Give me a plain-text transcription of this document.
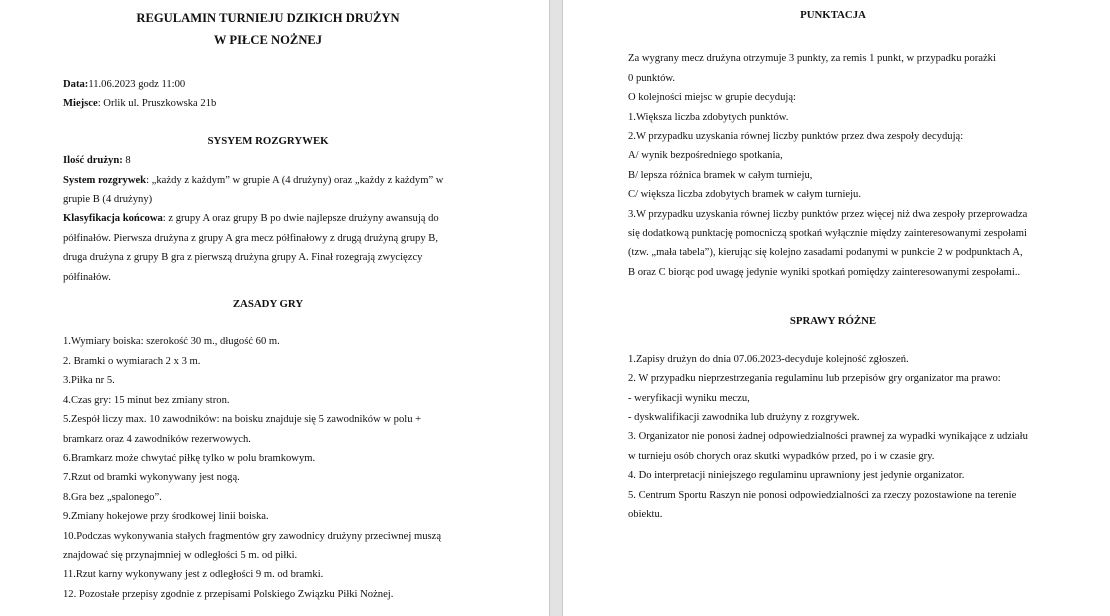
REGULAMIN TURNIEJU DZIKICH DRUŻYN
W PIŁCE NOŻNEJ

Data:11.06.2023 godz 11:00

Miejsce: Orlik ul. Pruszkowska 21b

SYSYEM ROZGRYWEK

Ilość drużyn: 8

System rozgrywek: „każdy z każdym” w grupie A (4 drużyny) oraz „każdy z każdym” w

grupie B (4 drużyny)

Klasyfikacja końcowa: z grupy A oraz grupy B po dwie najlepsze drużyny awansują do

półfinałów. Pierwsza drużyna z grupy A gra mecz półfinałowy z drugą drużyną grupy B,

druga drużyna z grupy B gra z pierwszą drużyna grupy A. Finał rozegrają zwycięzcy

półfinałów.

ZASADY GRY

1.Wymiary boiska: szerokość 30 m., długość 60 m.

2. Bramki o wymiarach 2 x 3 m.

3.Piłka nr 5.

4.Czas gry: 15 minut bez zmiany stron.

5.Zespół liczy max. 10 zawodników: na boisku znajduje się 5 zawodników w polu +

bramkarz oraz 4 zawodników rezerwowych.

6.Bramkarz może chwytać piłkę tylko w polu bramkowym.

7.Rzut od bramki wykonywany jest nogą.

8.Gra bez „spalonego”.

9.Zmiany hokejowe przy środkowej linii boiska.

10.Podczas wykonywania stałych fragmentów gry zawodnicy drużyny przeciwnej muszą

znajdować się przynajmniej w odległości 5 m. od piłki.

11.Rzut karny wykonywany jest z odległości 9 m. od bramki.

12. Pozostałe przepisy zgodnie z przepisami Polskiego Związku Piłki Nożnej.

PUNKTACJA

Za wygrany mecz drużyna otrzymuje 3 punkty, za remis 1 punkt, w przypadku porażki

0 punktów.

O kolejności miejsc w grupie decydują:

1.Większa liczba zdobytych punktów.

2.W przypadku uzyskania równej liczby punktów przez dwa zespoły decydują:

A/ wynik bezpośredniego spotkania,

B/ lepsza różnica bramek w całym turnieju,

C/ większa liczba zdobytych bramek w całym turnieju.

3.W przypadku uzyskania równej liczby punktów przez więcej niż dwa zespoły przeprowadza

się dodatkową punktację pomocniczą spotkań wyłącznie między zainteresowanymi zespołami

(tzw. „mała tabela”), kierując się kolejno zasadami podanymi w punkcie 2 w podpunktach A,

B oraz C biorąc pod uwagę jedynie wyniki spotkań pomiędzy zainteresowanymi zespołami..

SPRAWY RÓŻNE

1.Zapisy drużyn do dnia 07.06.2023-decyduje kolejność zgłoszeń.

2. W przypadku nieprzestrzegania regulaminu lub przepisów gry organizator ma prawo:

- weryfikacji wyniku meczu,

- dyskwalifikacji zawodnika lub drużyny z rozgrywek.

3. Organizator nie ponosi żadnej odpowiedzialności prawnej za wypadki wynikające z udziału

w turnieju osób chorych oraz skutki wypadków przed, po i w czasie gry.

4. Do interpretacji niniejszego regulaminu uprawniony jest jedynie organizator.

5. Centrum Sportu Raszyn nie ponosi odpowiedzialności za rzeczy pozostawione na terenie

obiektu.
